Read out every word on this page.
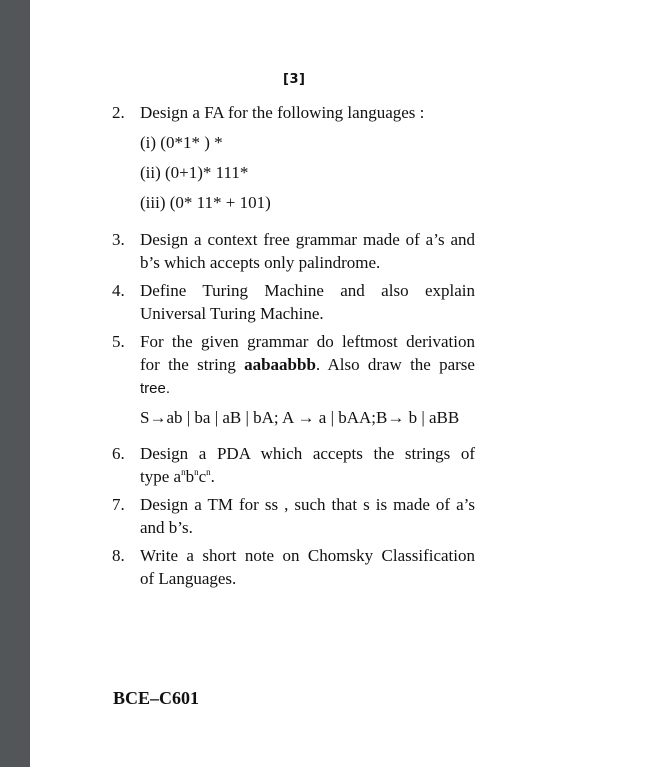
[3]
2. Design a FA for the following languages :
(i) (0*1* ) *
(ii) (0+1)* 111*
(iii) (0* 11* + 101)
3. Design a context free grammar made of a’s and
b’s which accepts only palindrome.
4. Define Turing Machine and also explain
Universal Turing Machine.
5. For the given grammar do leftmost derivation
for the string aabaabbb. Also draw the parse
tree.
S→ab | ba | aB | bA; A → a | bAA;B→ b | aBB
6. Design a PDA which accepts the strings of
type $a^nb^nc^n$.
7. Design a TM for ss , such that s is made of a’s
and b’s.
8. Write a short note on Chomsky Classification
of Languages.
BCE–C601
